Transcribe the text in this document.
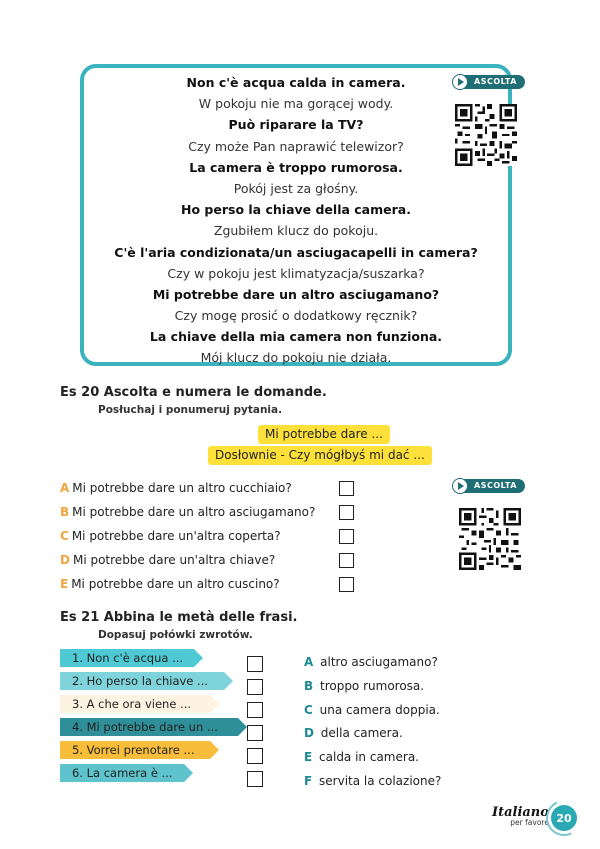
Non c'è acqua calda in camera.
W pokoju nie ma gorącej wody.
Può riparare la TV?
Czy może Pan naprawić telewizor?
La camera è troppo rumorosa.
Pokój jest za głośny.
Ho perso la chiave della camera.
Zgubiłem klucz do pokoju.
C'è l'aria condizionata/un asciugacapelli in camera?
Czy w pokoju jest klimatyzacja/suszarka?
Mi potrebbe dare un altro asciugamano?
Czy mogę prosić o dodatkowy ręcznik?
La chiave della mia camera non funziona.
Mój klucz do pokoju nie działa.
ASCOLTA
Es 20 Ascolta e numera le domande.
Posłuchaj i ponumeruj pytania.
Mi potrebbe dare ...
Dosłownie - Czy mógłbyś mi dać ...
A Mi potrebbe dare un altro cucchiaio?
B Mi potrebbe dare un altro asciugamano?
C Mi potrebbe dare un'altra coperta?
D Mi potrebbe dare un'altra chiave?
E Mi potrebbe dare un altro cuscino?
ASCOLTA
Es 21 Abbina le metà delle frasi.
Dopasuj połówki zwrotów.
1. Non c'è acqua ...
2. Ho perso la chiave ...
3. A che ora viene ...
4. Mi potrebbe dare un ...
5. Vorrei prenotare ...
6. La camera è ...
A altro asciugamano?
B troppo rumorosa.
C una camera doppia.
D della camera.
E calda in camera.
F servita la colazione?
Italiano
per favore 20
